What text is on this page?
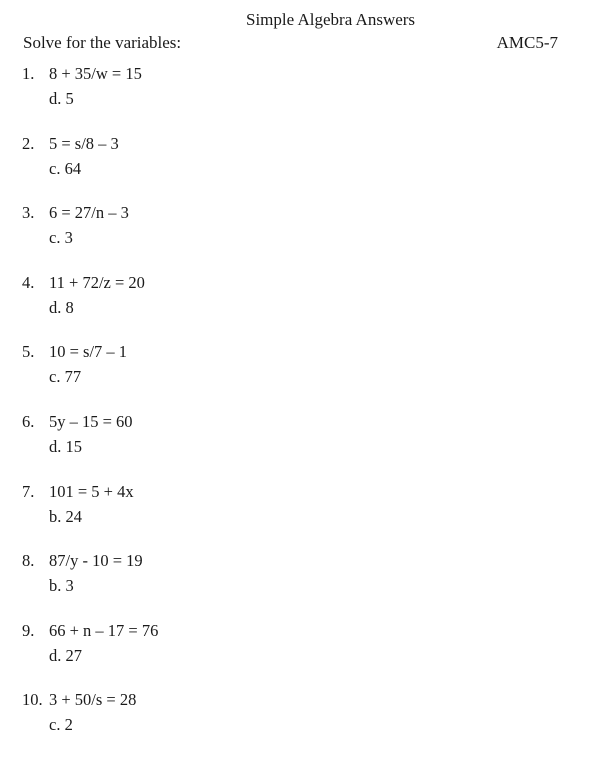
Simple Algebra Answers
Solve for the variables:	AMC5-7
1. 8 + 35/w = 15
d. 5
2. 5 = s/8 – 3
c. 64
3. 6 = 27/n – 3
c. 3
4. 11 + 72/z = 20
d. 8
5. 10 = s/7 – 1
c. 77
6. 5y – 15 = 60
d. 15
7. 101 = 5 + 4x
b. 24
8. 87/y - 10 = 19
b. 3
9. 66 + n – 17 = 76
d. 27
10. 3 + 50/s = 28
c. 2
